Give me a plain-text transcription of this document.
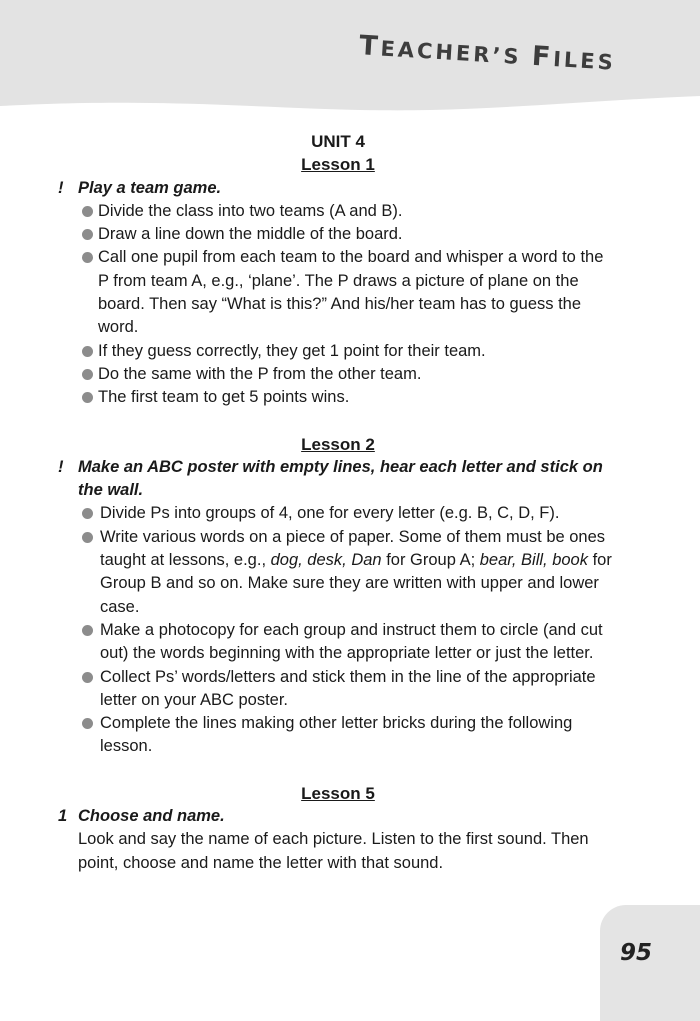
TEACHER’S FILES
UNIT 4
Lesson 1
! Play a team game.
Divide the class into two teams (A and B).
Draw a line down the middle of the board.
Call one pupil from each team to the board and whisper a word to the P from team A, e.g., ‘plane’. The P draws a picture of plane on the board. Then say “What is this?” And his/her team has to guess the word.
If they guess correctly, they get 1 point for their team.
Do the same with the P from the other team.
The first team to get 5 points wins.
Lesson 2
! Make an ABC poster with empty lines, hear each letter and stick on the wall.
Divide Ps into groups of 4, one for every letter (e.g. B, C, D, F).
Write various words on a piece of paper. Some of them must be ones taught at lessons, e.g., dog, desk, Dan for Group A; bear, Bill, book for Group B and so on. Make sure they are written with upper and lower case.
Make a photocopy for each group and instruct them to circle (and cut out) the words beginning with the appropriate letter or just the letter.
Collect Ps’ words/letters and stick them in the line of the appropriate letter on your ABC poster.
Complete the lines making other letter bricks during the following lesson.
Lesson 5
1 Choose and name.
Look and say the name of each picture. Listen to the first sound. Then point, choose and name the letter with that sound.
95
